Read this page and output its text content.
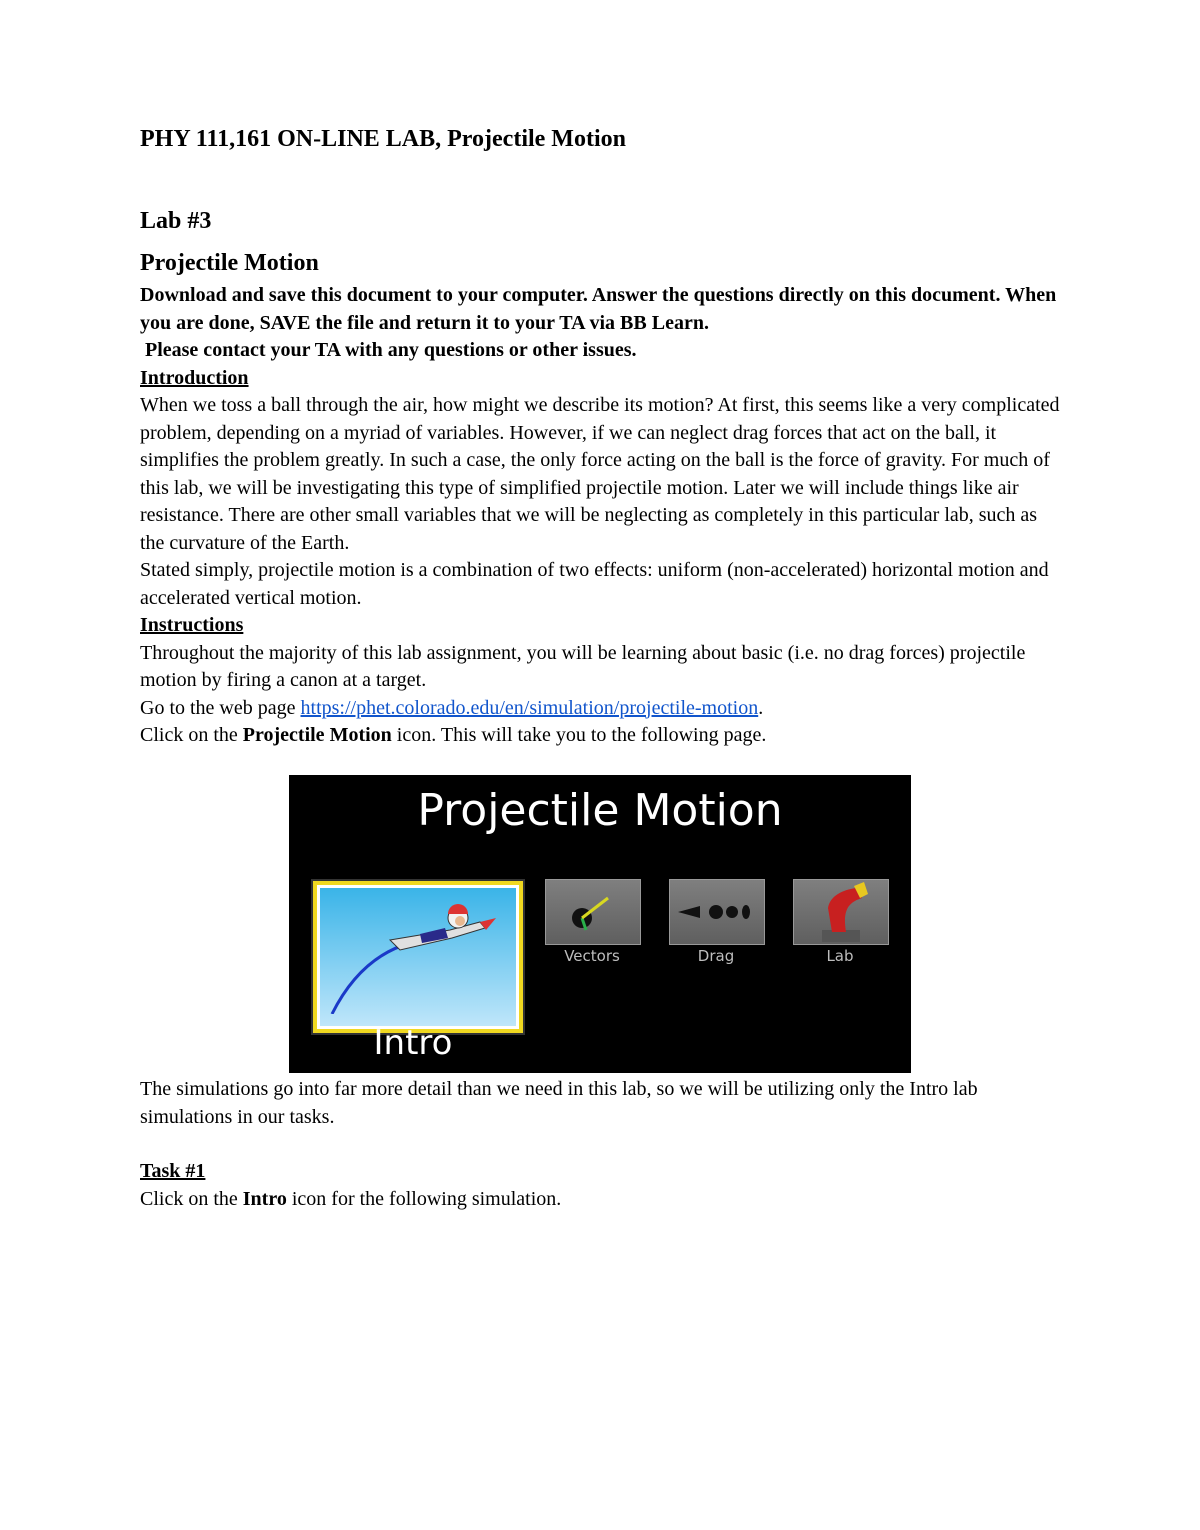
PHY 111,161 ON-LINE LAB, Projectile Motion
Lab #3
Projectile Motion

Download and save this document to your computer. Answer the questions directly on this document. When you are done, SAVE the file and return it to your TA via BB Learn.

Please contact your TA with any questions or other issues.

Introduction

When we toss a ball through the air, how might we describe its motion? At first, this seems like a very complicated problem, depending on a myriad of variables. However, if we can neglect drag forces that act on the ball, it simplifies the problem greatly. In such a case, the only force acting on the ball is the force of gravity. For much of this lab, we will be investigating this type of simplified projectile motion. Later we will include things like air resistance. There are other small variables that we will be neglecting as completely in this particular lab, such as the curvature of the Earth.

Stated simply, projectile motion is a combination of two effects: uniform (non-accelerated) horizontal motion and accelerated vertical motion.

Instructions

Throughout the majority of this lab assignment, you will be learning about basic (i.e. no drag forces) projectile motion by firing a canon at a target.

Go to the web page https://phet.colorado.edu/en/simulation/projectile-motion.

Click on the Projectile Motion icon. This will take you to the following page.

The simulations go into far more detail than we need in this lab, so we will be utilizing only the Intro lab simulations in our tasks.

Task #1

Click on the Intro icon for the following simulation.

Projectile Motion
Intro
Vectors	Drag	Lab
